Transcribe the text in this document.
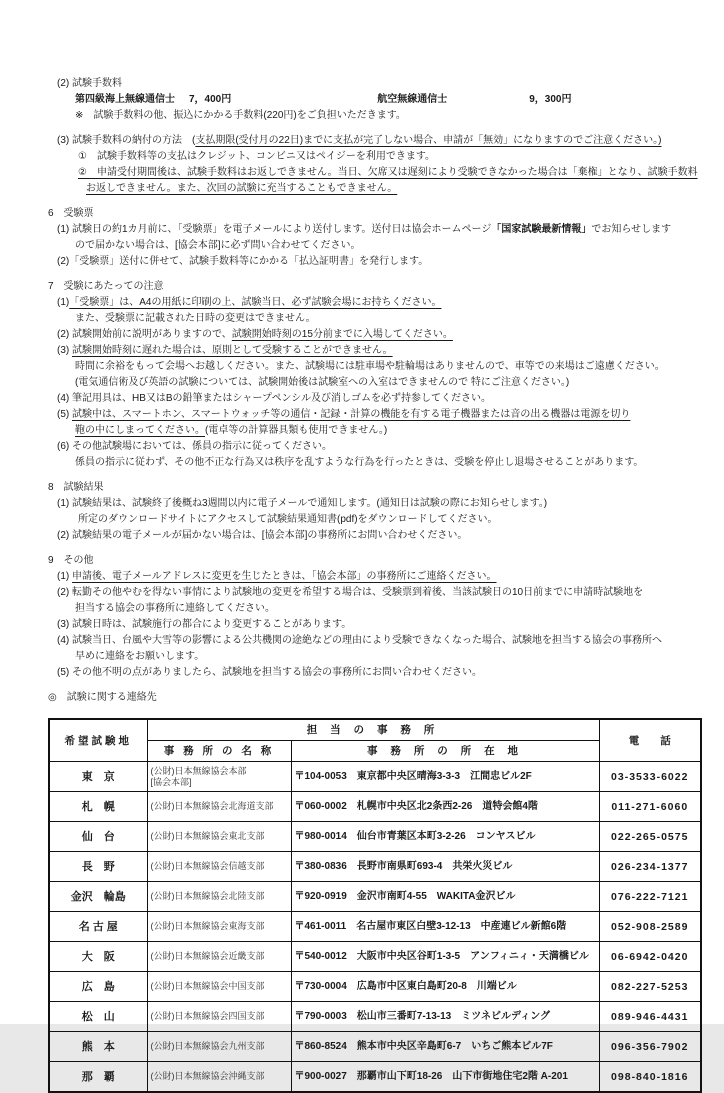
(2) 試験手数料
第四級海上無線通信士 7，400円	航空無線通信士	9，300円
※　試験手数料の他、振込にかかる手数料(220円)をご負担いただきます。
(3) 試験手数料の納付の方法　(支払期限(受付月の22日)までに支払が完了しない場合、申請が「無効」になりますのでご注意ください。)
①　試験手数料等の支払はクレジット、コンビニ又はペイジーを利用できます。
②　申請受付期間後は、試験手数料はお返しできません。当日、欠席又は遅刻により受験できなかった場合は「棄権」となり、試験手数料
お返しできません。また、次回の試験に充当することもできません。
6　受験票
(1) 試験日の約1カ月前に、「受験票」を電子メールにより送付します。送付日は協会ホームページ「国家試験最新情報」でお知らせします
ので届かない場合は、[協会本部]に必ず問い合わせてください。
(2)「受験票」送付に併せて、試験手数料等にかかる「払込証明書」を発行します。
7　受験にあたっての注意
(1)「受験票」は、A4の用紙に印刷の上、試験当日、必ず試験会場にお持ちください。
また、受験票に記載された日時の変更はできません。
(2) 試験開始前に説明がありますので、試験開始時刻の15分前までに入場してください。
(3) 試験開始時刻に遅れた場合は、原則として受験することができません。
時間に余裕をもって会場へお越しください。また、試験場には駐車場や駐輪場はありませんので、車等での来場はご遠慮ください。
(電気通信術及び英語の試験については、試験開始後は試験室への入室はできませんので 特にご注意ください。)
(4) 筆記用具は、HB又はBの鉛筆またはシャープペンシル及び消しゴムを必ず持参してください。
(5) 試験中は、スマートホン、スマートウォッチ等の通信・記録・計算の機能を有する電子機器または音の出る機器は電源を切り
鞄の中にしまってください。(電卓等の計算器具類も使用できません。)
(6) その他試験場においては、係員の指示に従ってください。
係員の指示に従わず、その他不正な行為又は秩序を乱すような行為を行ったときは、受験を停止し退場させることがあります。
8　試験結果
(1) 試験結果は、試験終了後概ね3週間以内に電子メールで通知します。(通知日は試験の際にお知らせします。)
所定のダウンロードサイトにアクセスして試験結果通知書(pdf)をダウンロードしてください。
(2) 試験結果の電子メールが届かない場合は、[協会本部]の事務所にお問い合わせください。
9　その他
(1) 申請後、電子メールアドレスに変更を生じたときは、「協会本部」の事務所にご連絡ください。
(2) 転勤その他やむを得ない事情により試験地の変更を希望する場合は、受験票到着後、当該試験日の10日前までに申請時試験地を
担当する協会の事務所に連絡してください。
(3) 試験日時は、試験施行の都合により変更することがあります。
(4) 試験当日、台風や大雪等の影響による公共機関の途絶などの理由により受験できなくなった場合、試験地を担当する協会の事務所へ
早めに連絡をお願いします。
(5) その他不明の点がありましたら、試験地を担当する協会の事務所にお問い合わせください。
◎　試験に関する連絡先
希望試験地	担 当 の 事 務 所		電　　話
	事 務 所 の 名 称	事 務 所 の 所 在 地	
東　京	(公財)日本無線協会本部
[協会本部]	〒104-0053　東京都中央区晴海3-3-3　江間忠ビル2F	03-3533-6022
札　幌	(公財)日本無線協会北海道支部	〒060-0002　札幌市中央区北2条西2-26　道特会館4階	011-271-6060
仙　台	(公財)日本無線協会東北支部	〒980-0014　仙台市青葉区本町3-2-26　コンヤスビル	022-265-0575
長　野	(公財)日本無線協会信越支部	〒380-0836　長野市南県町693-4　共栄火災ビル	026-234-1377
金沢　輪島	(公財)日本無線協会北陸支部	〒920-0919　金沢市南町4-55　WAKITA金沢ビル	076-222-7121
名 古 屋	(公財)日本無線協会東海支部	〒461-0011　名古屋市東区白壁3-12-13　中産連ビル新館6階	052-908-2589
大　阪	(公財)日本無線協会近畿支部	〒540-0012　大阪市中央区谷町1-3-5　アンフィニィ・天満橋ビル	06-6942-0420
広　島	(公財)日本無線協会中国支部	〒730-0004　広島市中区東白島町20-8　川端ビル	082-227-5253
松　山	(公財)日本無線協会四国支部	〒790-0003　松山市三番町7-13-13　ミツネビルディング	089-946-4431
熊　本	(公財)日本無線協会九州支部	〒860-8524　熊本市中央区辛島町6-7　いちご熊本ビル7F	096-356-7902
那　覇	(公財)日本無線協会沖縄支部	〒900-0027　那覇市山下町18-26　山下市街地住宅2階 A-201	098-840-1816
